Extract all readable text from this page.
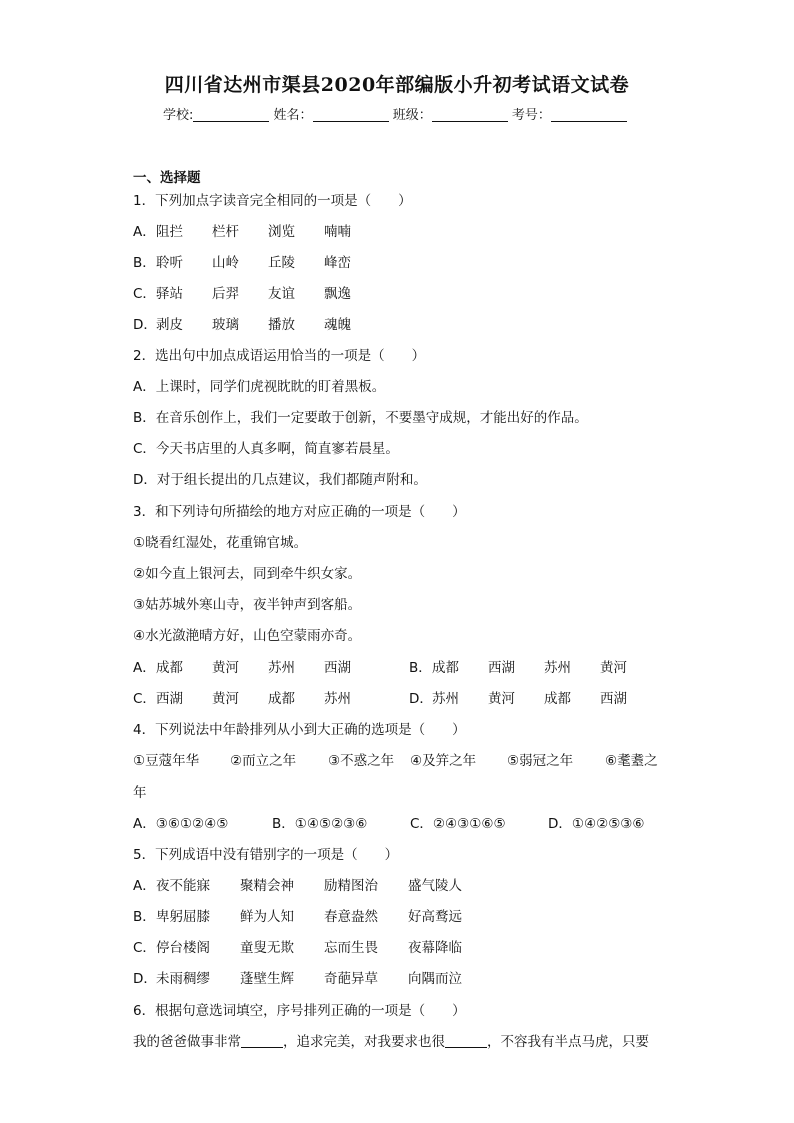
四川省达州市渠县2020年部编版小升初考试语文试卷
学校:	姓名：	班级：	考号：
一、选择题
1．下列加点字读音完全相同的一项是（　　）
A． 阻拦 栏杆 浏览 喃喃
B． 聆听 山岭 丘陵 峰峦
C． 驿站 后羿 友谊 飘逸
D． 剥皮 玻璃 播放 魂魄
2．选出句中加点成语运用恰当的一项是（　　）
A．上课时，同学们虎视眈眈的盯着黑板。
B．在音乐创作上，我们一定要敢于创新，不要墨守成规，才能出好的作品。
C．今天书店里的人真多啊，简直寥若晨星。
D．对于组长提出的几点建议，我们都随声附和。
3．和下列诗句所描绘的地方对应正确的一项是（　　）
①晓看红湿处，花重锦官城。
②如今直上银河去，同到牵牛织女家。
③姑苏城外寒山寺，夜半钟声到客船。
④水光潋滟晴方好，山色空蒙雨亦奇。
A． 成都 黄河 苏州 西湖	B． 成都 西湖 苏州 黄河
C． 西湖 黄河 成都 苏州	D． 苏州 黄河 成都 西湖
4．下列说法中年龄排列从小到大正确的选项是（　　）
①豆蔻年华 ②而立之年 ③不惑之年 ④及笄之年 ⑤弱冠之年 ⑥耄耋之
年
A．③⑥①②④⑤	B．①④⑤②③⑥	C．②④③①⑥⑤	D．①④②⑤③⑥
5．下列成语中没有错别字的一项是（　　）
A． 夜不能寐 聚精会神 励精图治 盛气陵人
B． 卑躬屈膝 鲜为人知 春意盎然 好高鹜远
C． 停台楼阁 童叟无欺 忘而生畏 夜幕降临
D． 未雨稠缪 蓬壁生辉 奇葩异草 向隅而泣
6．根据句意选词填空，序号排列正确的一项是（　　）
我的爸爸做事非常	，追求完美，对我要求也很	，不容我有半点马虎，只要
